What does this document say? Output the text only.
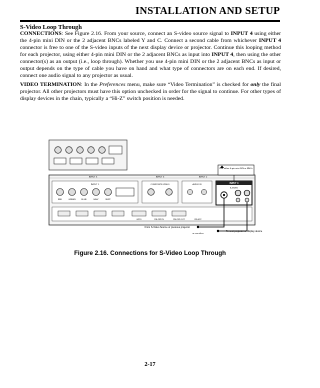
INSTALLATION AND SETUP
S-Video Loop Through
CONNECTIONS: See Figure 2.16. From your source, connect an S-video source signal to INPUT 4 using either the 4-pin mini DIN or the 2 adjacent BNCs labeled Y and C. Connect a second cable from whichever INPUT 4 connector is free to one of the S-video inputs of the next display device or projector. Continue this looping method for each projector, using either 4-pin mini DIN or the 2 adjacent BNCs as input into INPUT 4, then using the other connector(s) as an output (i.e., loop through). Whether you use 4-pin mini DIN or the 2 adjacent BNCs as input or output depends on the type of cable you have on hand and what type of connectors are on each end. If desired, connect one audio signal to any projector as usual.
VIDEO TERMINATION: In the Preferences menu, make sure “Video Termination” is checked for only the final projector. All other projectors must have this option unchecked in order for the signal to continue. For other types of display devices in the chain, typically a “Hi-Z” switch position is needed.
INPUT 5	INPUT 3	INPUT 2
INPUT 1
RED	GREEN	BLUE	H/HV	VERT
GPIO	RS-232 IN	RS-232 OUT	RS-422
COMPOSITE VIDEO	AUDIO IN	INPUT 4
S-VIDEO
Use either 4-pin mini DIN or BNCs
From S-Video Source or previous projector
To next projector or display device
or use either
Figure 2.16. Connections for S-Video Loop Through
2-17
